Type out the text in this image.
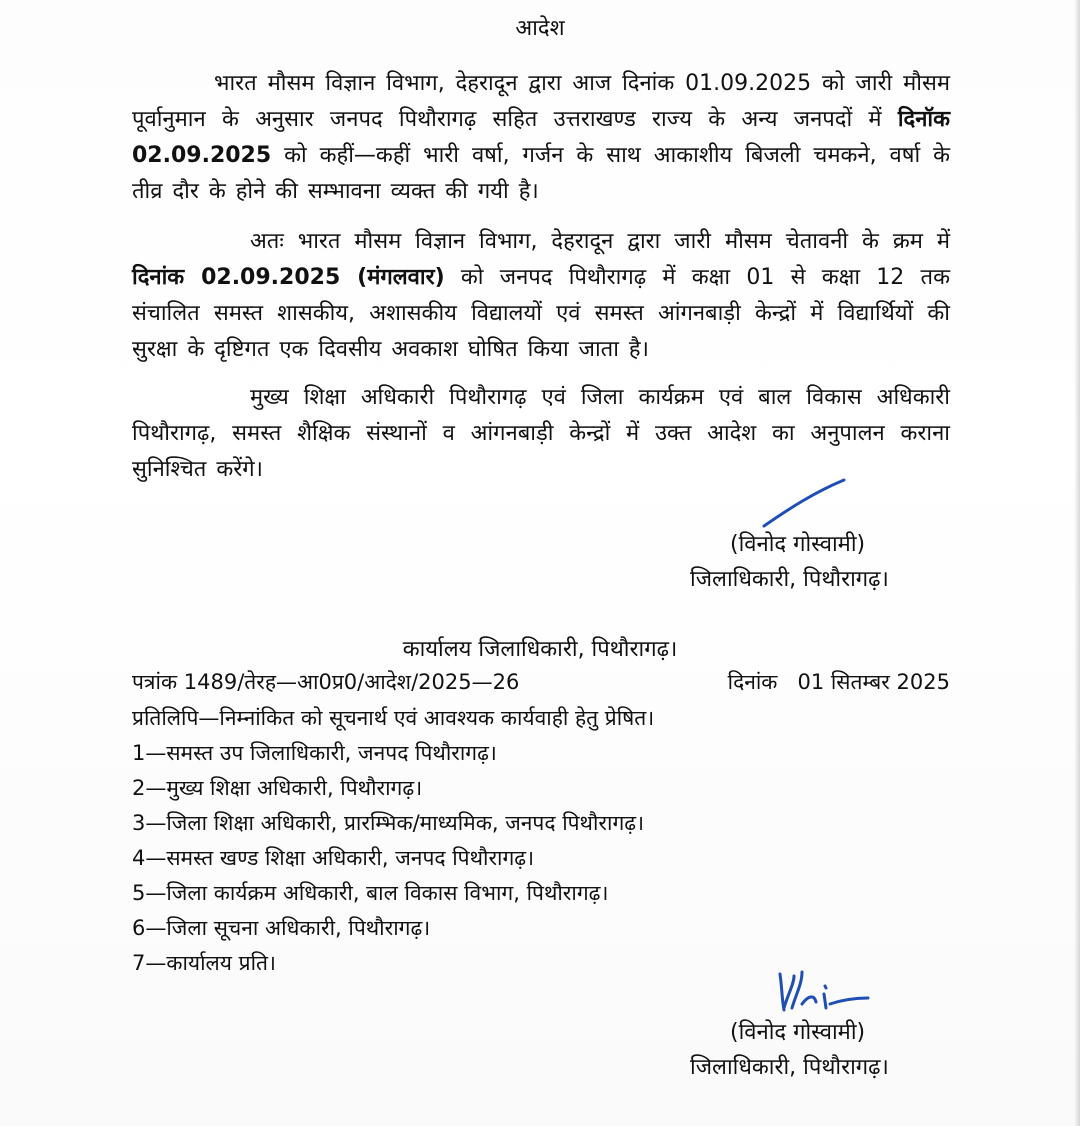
आदेश
भारत मौसम विज्ञान विभाग, देहरादून द्वारा आज दिनांक 01.09.2025 को जारी मौसम पूर्वानुमान के अनुसार जनपद पिथौरागढ़ सहित उत्तराखण्ड राज्य के अन्य जनपदों में दिनॉक 02.09.2025 को कहीं—कहीं भारी वर्षा, गर्जन के साथ आकाशीय बिजली चमकने, वर्षा के तीव्र दौर के होने की सम्भावना व्यक्त की गयी है।
अतः भारत मौसम विज्ञान विभाग, देहरादून द्वारा जारी मौसम चेतावनी के क्रम में दिनांक 02.09.2025 (मंगलवार) को जनपद पिथौरागढ़ में कक्षा 01 से कक्षा 12 तक संचालित समस्त शासकीय, अशासकीय विद्यालयों एवं समस्त आंगनबाड़ी केन्द्रों में विद्यार्थियों की सुरक्षा के दृष्टिगत एक दिवसीय अवकाश घोषित किया जाता है।
मुख्य शिक्षा अधिकारी पिथौरागढ़ एवं जिला कार्यक्रम एवं बाल विकास अधिकारी पिथौरागढ़, समस्त शैक्षिक संस्थानों व आंगनबाड़ी केन्द्रों में उक्त आदेश का अनुपालन कराना सुनिश्चित करेंगे।
(विनोद गोस्वामी)
जिलाधिकारी, पिथौरागढ़।
कार्यालय जिलाधिकारी, पिथौरागढ़।
पत्रांक 1489/तेरह—आ0प्र0/आदेश/2025—26	दिनांक 01 सितम्बर 2025
प्रतिलिपि—निम्नांकित को सूचनार्थ एवं आवश्यक कार्यवाही हेतु प्रेषित।
1—समस्त उप जिलाधिकारी, जनपद पिथौरागढ़।
2—मुख्य शिक्षा अधिकारी, पिथौरागढ़।
3—जिला शिक्षा अधिकारी, प्रारम्भिक/माध्यमिक, जनपद पिथौरागढ़।
4—समस्त खण्ड शिक्षा अधिकारी, जनपद पिथौरागढ़।
5—जिला कार्यक्रम अधिकारी, बाल विकास विभाग, पिथौरागढ़।
6—जिला सूचना अधिकारी, पिथौरागढ़।
7—कार्यालय प्रति।
(विनोद गोस्वामी)
जिलाधिकारी, पिथौरागढ़।
